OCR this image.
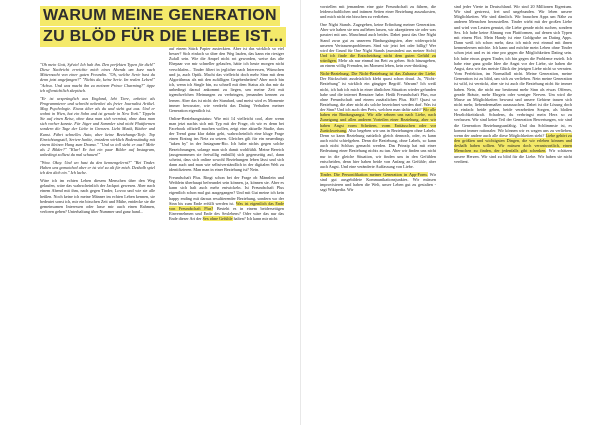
WARUM MEINE GENERATION
ZU BLÖD FÜR DIE LIEBE IST...

"Oh mein Gott, Sylvia! Ich hab ihn. Den perfekten Typen für dich!" Diese Nachricht erreichte mich eines Abends um kurz nach Mitternacht von einer guten Freundin. "Oh, welche Serie hast du denn jetzt angefangen?" "Nichts da, keine Serie. Im realen Leben!" "Achso. Und was macht ihn zu meinem Prince Charming?" tippe ich offensichtlich skeptisch.

"Er ist ursprünglich aus England, lebt Tiere, arbeitet als Programmierer und schreibt nebenbei als freier Journalist Artikel. Mag Psychologie. Etwas älter als du und sieht gut aus. Und er wohnt in Wien, hat ein Sohn und ist gerade in New York." Tippeln Sie auf einen Reise, ohne dass man sich vermisst, ohne dass man sich vorher kannte. Für Jäger und Sammler sind nicht Plattformen sondern die Tage der Liebe in Grenzen. Liebt Musik, Bücher und Kunst. Fährt schnelles Auto, aber keine Beziehungs-Tiefe. Top Einrichtungsstil, Serien-Junkie, trotzdem wirklich Bodenständig mit einem kleinen Hang zum Drama." "Und so toll sieht er aus? Mehr als 2 Bilder?" "Klar! Er hat ein paar Bilder auf Instagram, unbedingt solltest du mal schauen!"

"Wow. Okay. Und wo hast du den kennengelernt?" "Bei Tinder. Haben uns gematched aber er ist viel zu alt für mich. Deshalb spiel ich den dich ein." Ich lache.

Wäre ich im echten Leben diesem Menschen über den Weg gelaufen, wäre das wahrscheinlich der Jackpot gewesen. Aber nach einem Abend mit ihm, nach gegen Tinder, Lovoo und wie sie alle heißen. Noch keine ich meine Männer im echten Leben kennen, sie bedeutet sonst ich, mir ein bisschen Zeit und Mühe, entdecke sie die gemeinsamen Interessen oder lasse mir auch einen Rahmen, verloren geben? Unterhaltung über Nummer und ganz hand...

auf einem Stück Papier zusteckten. Aber ist das wirklich so viel besser? Sich einfach so über den Weg laufen, das kann ein riesiger Zufall sein. Wie die Ampel nicht rot geworden, weise das alte Ehepaar vor mir schneller gelaufen, hätte ich heute morgen nicht verschlafen... Tinder filtert in jeglicher nach Interessen, Wünschen und ja, auch Optik. Macht das vielleicht doch mehr Sinn mit dem Algorithmus als mit den zufälligen Gegebenheiten? Aber noch bin ich, wenn ich Single bin, zu schnell mit dem Status als das mir da unbedingt darauf ankommt zu liegen, um meine Zeit mit irgendwelchen Meinungen zu verbringen, jemanden kennen zu lernen. Aber das ist nicht der Standard, und meist wird es Momente immer bewusster, wie verdreht das Dating Verhalten meiner Generation eigentlich ist.

Online-Beziehungsstatus: Wie mit 14 vielleicht cool, aber wenn man jetzt nachts sich mit Typ mit der Frage, ob wir es denn bei Facebook offiziell machen wollen, zeigt eine aktuelle Studie, dass der Trend ganz klar dahin geht, wahrscheinlich eine kluge Frage einen Eintrag ins Netz zu setzen. Gleiches gilt für ein neuerdings "taken by" in der Instagram-Bio. Ich habe nichts gegen solche Bezeichnungen, solange man sich damit wohlfühlt. Meine Bereich (ausgenommen sie freiwillig enthüllt) sich gegenseitig auf, dann scheint, dass sich online sowohl Beziehungen leben lässt und sich dann auch und man wie selbstverständlich in der digitalen Welt zu identifizieren. Man man in einer Beziehung ist? Nein.

Freundschaft Plus. Ringt schon bei der Frage ob Männlein und Weiblein überhaupt befreundet sein können, ja, können sie. Aber es kann sich halt auch mehr entwickeln. Ist Freundschaft Plus eigentlich schon mal gut ausgegangen? Und mit Gut meine ich kein happy ending mit daraus resultierender Beziehung, sondern wo der Sinn bis zum Ende erfüllt werden ist. Was ist eigentlich das Ende von Freundschaft Plus? Besteht es in einem beiderseitigen Einvernehmen und Ende des Sexlebens? Oder wäre das nur das Ende dieser Art der Sex ohne Gefühle halten? Ich kann mir nicht

vorstellen mit jemandem eine gute Freundschaft zu führen, die leidenschaftlichen und intimen Seiten einer Beziehung auszukosten, und mich nicht ein bisschen zu verlieben.

One Night Stands. Zugegeben, keine Erfindung meiner Generation. Aber wir haben sie neu aufleben lassen, wir akzeptieren sie oder was passiert mit uns. Manchmal auch beides. Dabei passt das One Night Stand zwar gut zu unserem Bindungsängsten, aber widerspricht unseren Vertrauensproblemen. Sind wir jetzt frei oder billig? Wer wird der Grund für One Night Stands (zumindest aus meiner Sicht) Und ich finde die Entscheidung nicht dem guten Gefühl zu würdigen. Mehr als nur einmal ins Bett zu gehen. Sich hinzugeben, an einem völlig Fremden, im Moment leben, kein over-thinking.

Nicht-Beziehung. Die Nicht-Beziehung ist das Zuhause der Liebe. Der Rückschritt ausdrücklich klebt quasi schon drauf. Ja, "Nicht-Beziehung" ist wirklich ein gängiger Begriff. Warum? Ich weiß nicht, ich hab ich mich in einer ähnlichen Situation wieder gefunden habe und die internet Benutzer habe. Heißt Freundschaft Plus, nur ohne Freundschaft und einem zusätzlichen Plus. Hä?! Quasi so Beziehung, die aber nicht als solche bezeichnet werden darf. Was ist der Sinn? Und ich auch den Preis, welchen man dafür zahlt? Wir alle haben ein Bindungsangst. Wir alle sehnen uns nach Liebe, nach Zuneigung und allen anderen Vorteilen einer Beziehung, aber wir haben Angst vorm Scheitern, vorm Enttäuschen oder vor Zurückweisung. Also begeben wir uns in Beziehungen ohne Labels. Denn so kann Beziehung natürlich gleich dennoch, oder, es kann auch nicht schiefgehen. Denn die Beziehung, ohne Labels, so kann auch nicht Schluss gemacht werden. Das Prinzip hat mit einer Bedeutung einer Beziehung nichts zu tun. Aber wir finden uns nicht nur in die gleiche Situation, wir finden uns in den Gefühlen entscheiden, denn hier haben beide von Anfang an Gefühle; aber auch Angst. Und eine veränderte Auffassung von Liebe.

Tinder. Die Personifikation meiner Generation in App-Form. Wir sind gut ausgebildete Kommunikationsjunkies. Wir müssen improvisieren und haben die Welt, unser Leben gut zu gestalten - sagt Wikipedia. Wir

sind jeder Vierte in Deutschland. Wir sind 20 Millionen Eigentum. Wir sind gestresst, frei und ungebunden. Wir leben unsere Möglichkeiten. Wir sind dämlich. Wir brauchen Apps um Nähe zu anderen Menschen herzustellen. Tinder wirbt mit der großen Liebe und wird von Leuten genutzt, die Liebe gerade nicht suchen, sondern Sex. Ich habe keine Ahnung von Plattformen, auf denen sich Typen mit einem Flirt. Mein Handy ist eine Goldgrube an Dating Apps. Dann weiß ich schon mehr, dass ich mich erst einmal mit ihnen kennenlernen möchte. Ich kann und möchte mein Leben ohne Tinder schon jetzt und es ist eine pro gegen die Möglichkeiten Dating sein. Ich habe etwas gegen Tinder, ich bin gegen die Probleme erzielt. Ich habe eine ganz große Idee die Angst vor der Liebe, sie haben die Angst, dass wir das meiste Glück der jetzigen Liebe nicht so verraten. Vom Perfektion, im Normalfall nicht. Meine Generation, meine Generation ist zu blöd, um sich zu verlieben. Nein meine Generation ist wild, ist verrückt, aber sie ist auch die Beziehung nicht für immer haben. Nein, die nicht nur bestimmt mehr Sinn als etwas Offenes, gerade Bräute, mehr Ehrgeiz oder weniger Nerven. Um wird die Masse an Möglichkeiten bewusst und unsere Gehirne trauen sich nicht mehr, liebendermaßen auszusuchen. Dabei ist die Lösung doch so einfach: beide geben, beide verarbeiten Sorgen, als bloßen Herzlichkeitskraft. Schadens, du verbringst mein Herz so zu verfassen. Wir sind keine Teil der Generation Bewertungen, wir sind die Generation Beziehungsunfähig. Und das Schlimmste ist, es kommt immer rationaler. Wir können wir es wagen uns zu verlieben, wenn der andere auch alle diese Möglichkeiten sieht? Liebe gehört zu den größten und wichtigsten Dingen, die wir erleben können und deshalb haben sollten. Wir müssen doch verantwortlich, einen Menschen zu finden, der jedenfalls gibt schenken. Wir schätzen unsere Herzen. Wir sind zu blöd für die Liebe. Wir haben sie nicht verdient.
